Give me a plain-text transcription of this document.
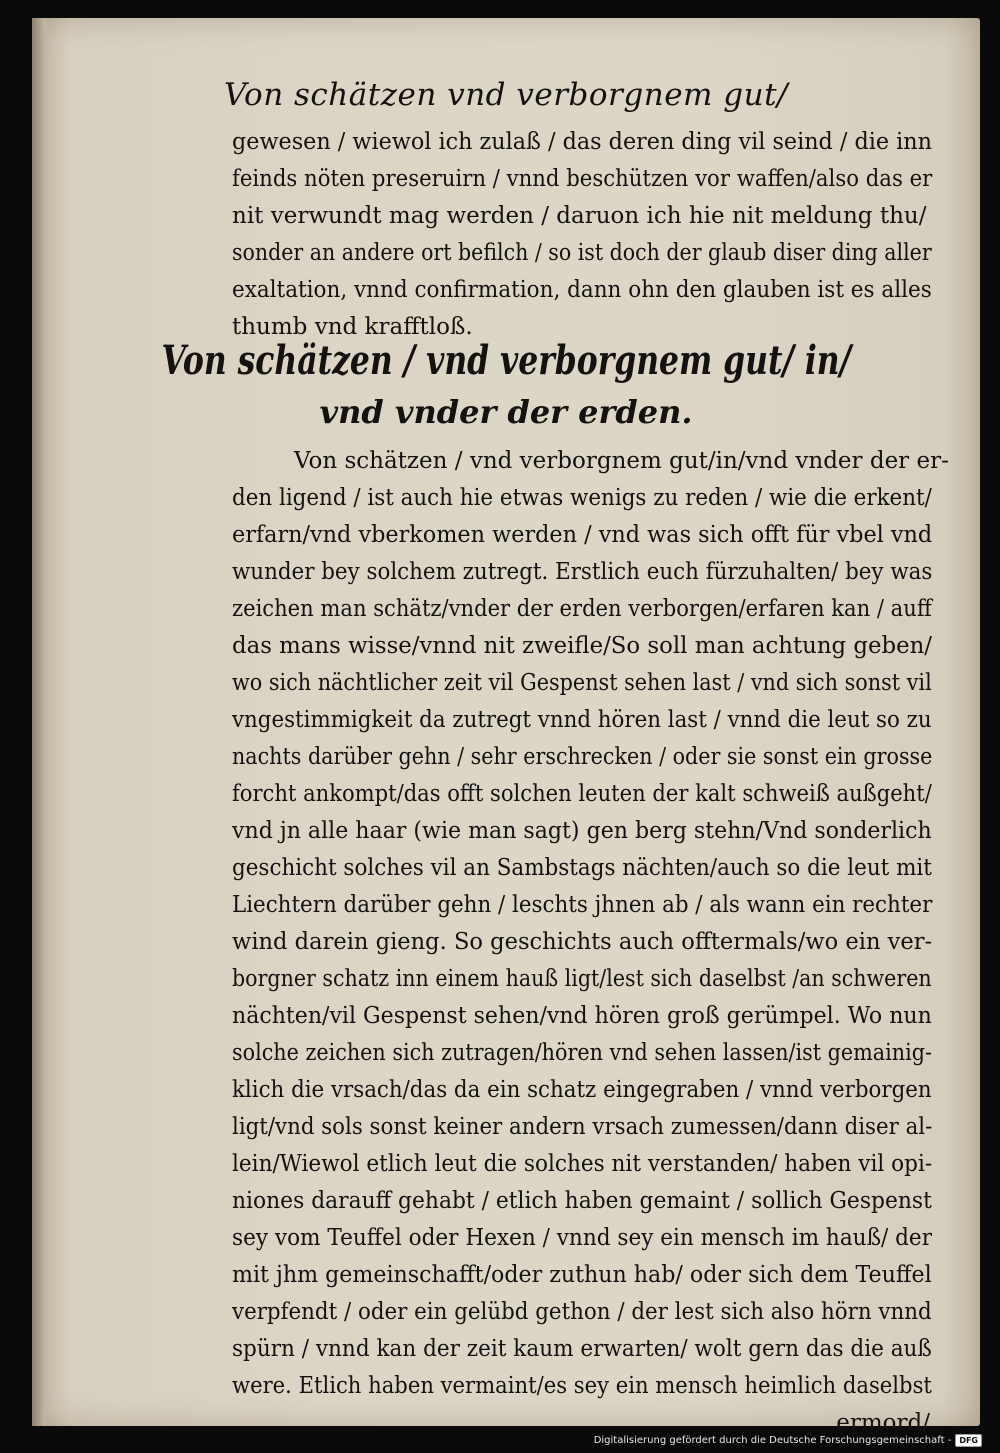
Von schätzen vnd verborgnem gut/
gewesen / wiewol ich zulaß / das deren ding vil seind / die inn
feinds nöten preseruirn / vnnd beschützen vor waffen/also das er
nit verwundt mag werden / daruon ich hie nit meldung thu/
sonder an andere ort befilch / so ist doch der glaub diser ding aller
exaltation, vnnd confirmation, dann ohn den glauben ist es alles
thumb vnd krafftloß.
Von schätzen / vnd verborgnem gut/ in/
vnd vnder der erden.
Von schätzen / vnd verborgnem gut/in/vnd vnder der er-
den ligend / ist auch hie etwas wenigs zu reden / wie die erkent/
erfarn/vnd vberkomen werden / vnd was sich offt für vbel vnd
wunder bey solchem zutregt. Erstlich euch fürzuhalten/ bey was
zeichen man schätz/vnder der erden verborgen/erfaren kan / auff
das mans wisse/vnnd nit zweifle/So soll man achtung geben/
wo sich nächtlicher zeit vil Gespenst sehen last / vnd sich sonst vil
vngestimmigkeit da zutregt vnnd hören last / vnnd die leut so zu
nachts darüber gehn / sehr erschrecken / oder sie sonst ein grosse
forcht ankompt/das offt solchen leuten der kalt schweiß außgeht/
vnd jn alle haar (wie man sagt) gen berg stehn/Vnd sonderlich
geschicht solches vil an Sambstags nächten/auch so die leut mit
Liechtern darüber gehn / leschts jhnen ab / als wann ein rechter
wind darein gieng. So geschichts auch offtermals/wo ein ver-
borgner schatz inn einem hauß ligt/lest sich daselbst /an schweren
nächten/vil Gespenst sehen/vnd hören groß gerümpel. Wo nun
solche zeichen sich zutragen/hören vnd sehen lassen/ist gemainig-
klich die vrsach/das da ein schatz eingegraben / vnnd verborgen
ligt/vnd sols sonst keiner andern vrsach zumessen/dann diser al-
lein/Wiewol etlich leut die solches nit verstanden/ haben vil opi-
niones darauff gehabt / etlich haben gemaint / sollich Gespenst
sey vom Teuffel oder Hexen / vnnd sey ein mensch im hauß/ der
mit jhm gemeinschafft/oder zuthun hab/ oder sich dem Teuffel
verpfendt / oder ein gelübd gethon / der lest sich also hörn vnnd
spürn / vnnd kan der zeit kaum erwarten/ wolt gern das die auß
were. Etlich haben vermaint/es sey ein mensch heimlich daselbst
ermord/
Digitalisierung gefördert durch die Deutsche Forschungsgemeinschaft -	DFG
